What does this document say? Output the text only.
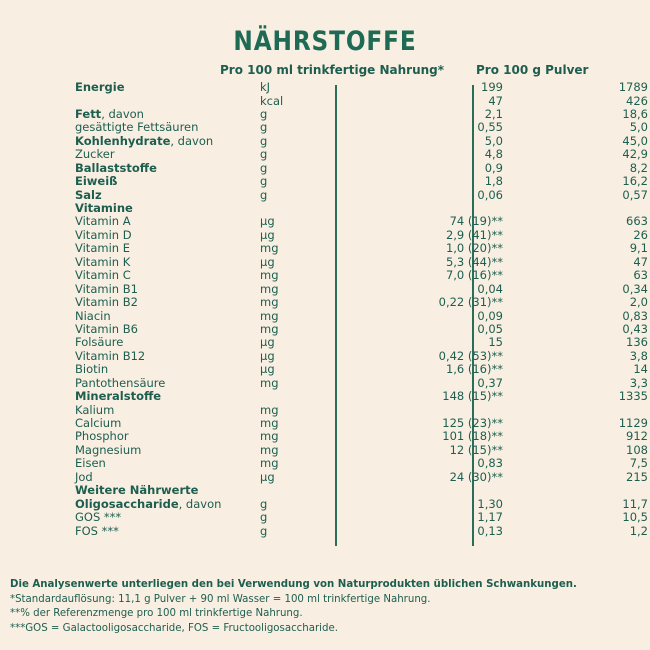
NÄHRSTOFFE
Pro 100 ml trinkfertige Nahrung*	Pro 100 g Pulver
Energie	kJ	199	1789
	kcal	47	426
Fett, davon	g	2,1	18,6
gesättigte Fettsäuren	g	0,55	5,0
Kohlenhydrate, davon	g	5,0	45,0
Zucker	g	4,8	42,9
Ballaststoffe	g	0,9	8,2
Eiweiß	g	1,8	16,2
Salz	g	0,06	0,57
Vitamine			
Vitamin A	µg	74 (19)**	663
Vitamin D	µg	2,9 (41)**	26
Vitamin E	mg	1,0 (20)**	9,1
Vitamin K	µg	5,3 (44)**	47
Vitamin C	mg	7,0 (16)**	63
Vitamin B1	mg	0,04	0,34
Vitamin B2	mg	0,22 (31)**	2,0
Niacin	mg	0,09	0,83
Vitamin B6	mg	0,05	0,43
Folsäure	µg	15	136
Vitamin B12	µg	0,42 (53)**	3,8
Biotin	µg	1,6 (16)**	14
Pantothensäure	mg	0,37	3,3
Mineralstoffe		148 (15)**	1335
Kalium	mg		
Calcium	mg	125 (23)**	1129
Phosphor	mg	101 (18)**	912
Magnesium	mg	12 (15)**	108
Eisen	mg	0,83	7,5
Jod	µg	24 (30)**	215
Weitere Nährwerte			
Oligosaccharide, davon	g	1,30	11,7
GOS ***	g	1,17	10,5
FOS ***	g	0,13	1,2
Die Analysenwerte unterliegen den bei Verwendung von Naturprodukten üblichen Schwankungen.
*Standardauflösung: 11,1 g Pulver + 90 ml Wasser = 100 ml trinkfertige Nahrung.
**% der Referenzmenge pro 100 ml trinkfertige Nahrung.
***GOS = Galactooligosaccharide, FOS = Fructooligosaccharide.
